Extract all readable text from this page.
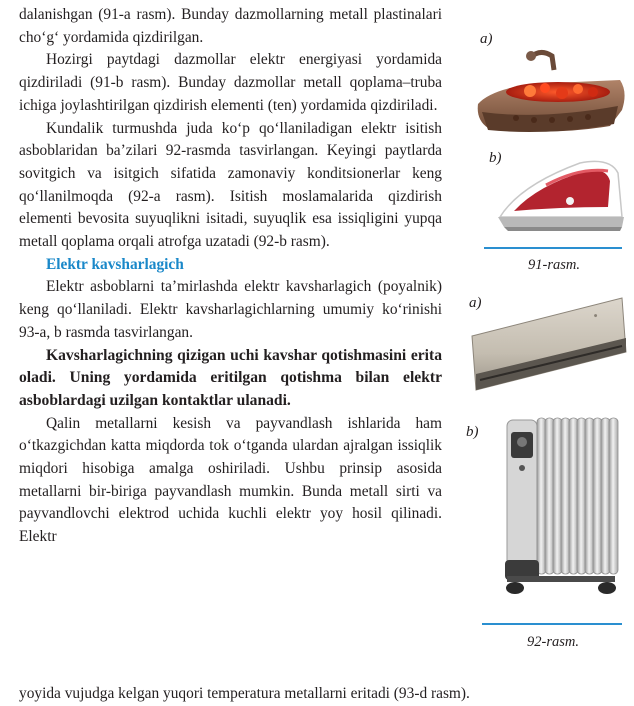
dalanishgan (91-a rasm). Bunday dazmollarning metall plastinalari cho‘g‘ yordamida qizdirilgan.

Hozirgi paytdagi dazmollar elektr energiyasi yordamida qizdiriladi (91-b rasm). Bunday dazmollar metall qoplama–truba ichiga joylashtirilgan qizdirish elementi (ten) yordamida qizdiriladi.

Kundalik turmushda juda ko‘p qo‘llaniladigan elektr isitish asboblaridan ba’zilari 92-rasmda tasvirlangan. Keyingi paytlarda sovitgich va isitgich sifatida zamonaviy konditsionerlar keng qo‘llanilmoqda (92-a rasm). Isitish moslamalarida qizdirish elementi bevosita suyuqlikni isitadi, suyuqlik esa issiqligini yupqa metall qoplama orqali atrofga uzatadi (92-b rasm).

Elektr kavsharlagich

Elektr asboblarni ta’mirlashda elektr kavsharlagich (poyalnik) keng qo‘llaniladi. Elektr kavsharlagichlarning umumiy ko‘rinishi 93-a, b rasmda tasvirlangan.

Kavsharlagichning qizigan uchi kavshar qotishmasini erita oladi. Uning yordamida eritilgan qotishma bilan elektr asboblardagi uzilgan kontaktlar ulanadi.

Qalin metallarni kesish va payvandlash ishlarida ham o‘tkazgichdan katta miqdorda tok o‘tganda ulardan ajralgan issiqlik miqdori hisobiga amalga oshiriladi. Ushbu prinsip asosida metallarni bir-biriga payvandlash mumkin. Bunda metall sirti va payvandlovchi elektrod uchida kuchli elektr yoy hosil qilinadi. Elektr

yoyida vujudga kelgan yuqori temperatura metallarni eritadi (93-d rasm).
a)
b)
91-rasm.
a)
●
b)
92-rasm.
